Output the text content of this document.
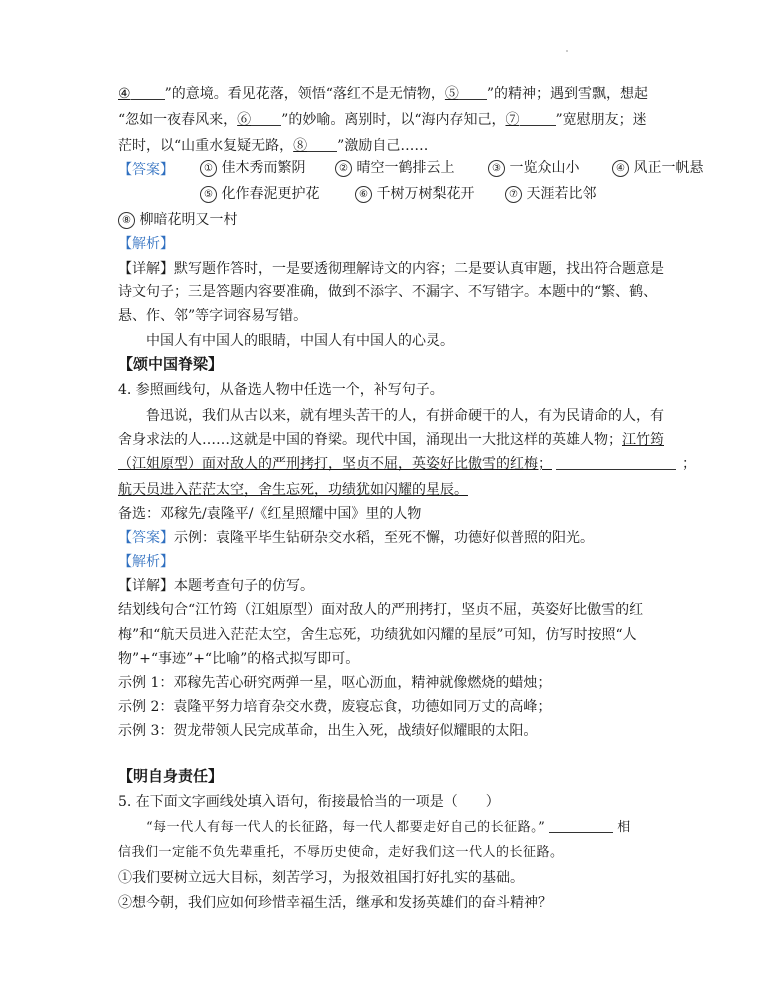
④ ”的意境。看见花落，领悟“落红不是无情物，⑤ ”的精神；遇到雪飘，想起
“忽如一夜春风来，⑥ ”的妙喻。离别时，以“海内存知己，⑦	”宽慰朋友；迷
茫时，以“山重水复疑无路，⑧ ”激励自己……
【答案】	① 佳木秀而繁阴	② 晴空一鹤排云上	③ 一览众山小	④ 风正一帆悬
⑤ 化作春泥更护花	⑥ 千树万树梨花开	⑦ 天涯若比邻
⑧ 柳暗花明又一村
【解析】
【详解】默写题作答时，一是要透彻理解诗文的内容；二是要认真审题，找出符合题意是
诗文句子；三是答题内容要准确，做到不添字、不漏字、不写错字。本题中的“繁、鹤、
悬、作、邻”等字词容易写错。
中国人有中国人的眼睛，中国人有中国人的心灵。
【颂中国脊梁】
4. 参照画线句，从备选人物中任选一个，补写句子。
鲁迅说，我们从古以来，就有埋头苦干的人，有拼命硬干的人，有为民请命的人，有
舍身求法的人……这就是中国的脊梁。现代中国，涌现出一大批这样的英雄人物；江竹筠
（江姐原型）面对敌人的严刑拷打，坚贞不屈，英姿好比傲雪的红梅；	；
航天员进入茫茫太空，舍生忘死，功绩犹如闪耀的星辰。
备选：邓稼先/袁隆平/《红星照耀中国》里的人物
【答案】示例：袁隆平毕生钻研杂交水稻，至死不懈，功德好似普照的阳光。
【解析】
【详解】本题考查句子的仿写。
结划线句合“江竹筠（江姐原型）面对敌人的严刑拷打，坚贞不屈，英姿好比傲雪的红
梅”和“航天员进入茫茫太空，舍生忘死，功绩犹如闪耀的星辰”可知，仿写时按照“人
物”+“事迹”+“比喻”的格式拟写即可。
示例 1：邓稼先苦心研究两弹一星，呕心沥血，精神就像燃烧的蜡烛；
示例 2：袁隆平努力培育杂交水费，废寝忘食，功德如同万丈的高峰；
示例 3：贺龙带领人民完成革命，出生入死，战绩好似耀眼的太阳。
【明自身责任】
5. 在下面文字画线处填入语句，衔接最恰当的一项是（　　）
“每一代人有每一代人的长征路，每一代人都要走好自己的长征路。”	相
信我们一定能不负先辈重托，不辱历史使命，走好我们这一代人的长征路。
①我们要树立远大目标，刻苦学习，为报效祖国打好扎实的基础。
②想今朝，我们应如何珍惜幸福生活，继承和发扬英雄们的奋斗精神？
